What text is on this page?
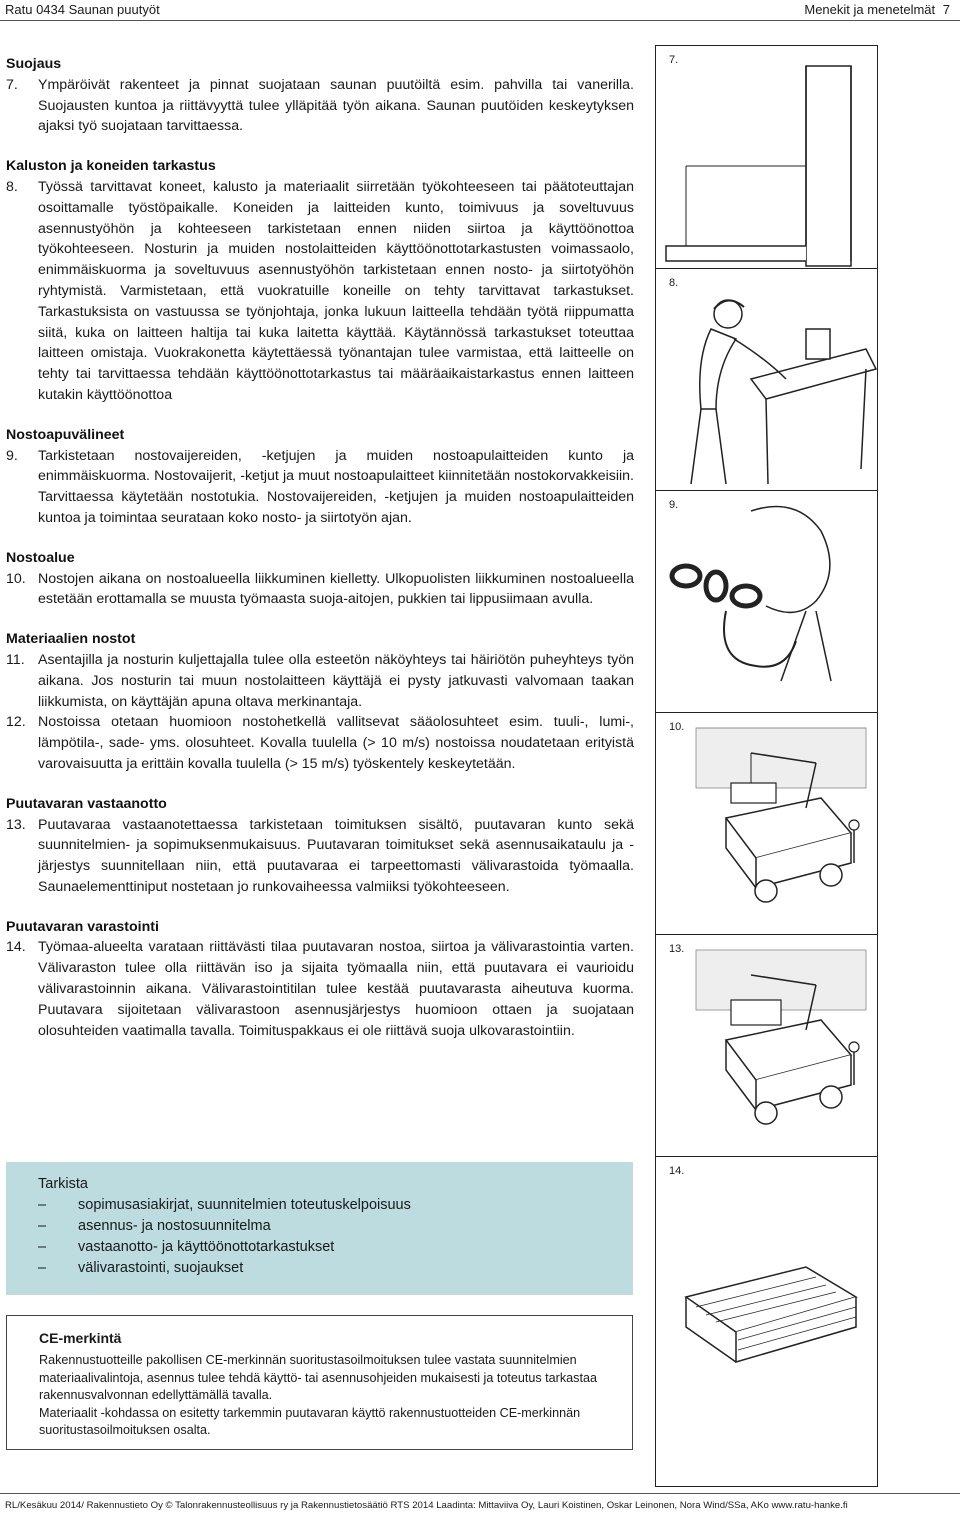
Ratu 0434 Saunan puutyöt	Menekit ja menetelmät 7
Suojaus
7.	Ympäröivät rakenteet ja pinnat suojataan saunan puutöiltä esim. pahvilla tai vanerilla. Suojausten kuntoa ja riittävyyttä tulee ylläpitää työn aikana. Saunan puutöiden keskeytyksen ajaksi työ suojataan tarvittaessa.
Kaluston ja koneiden tarkastus
8.	Työssä tarvittavat koneet, kalusto ja materiaalit siirretään työkohteeseen tai päätoteuttajan osoittamalle työstöpaikalle. Koneiden ja laitteiden kunto, toimivuus ja soveltuvuus asennustyöhön ja kohteeseen tarkistetaan ennen niiden siirtoa ja käyttöönottoa työkohteeseen. Nosturin ja muiden nostolaitteiden käyttöönottotarkastusten voimassaolo, enimmäiskuorma ja soveltuvuus asennustyöhön tarkistetaan ennen nosto- ja siirtotyöhön ryhtymistä. Varmistetaan, että vuokratuille koneille on tehty tarvittavat tarkastukset. Tarkastuksista on vastuussa se työnjohtaja, jonka lukuun laitteella tehdään työtä riippumatta siitä, kuka on laitteen haltija tai kuka laitetta käyttää. Käytännössä tarkastukset toteuttaa laitteen omistaja. Vuokrakonetta käytettäessä työnantajan tulee varmistaa, että laitteelle on tehty tai tarvittaessa tehdään käyttöönottotarkastus tai määräaikaistarkastus ennen laitteen kutakin käyttöönottoa
Nostoapuvälineet
9.	Tarkistetaan nostovaijereiden, -ketjujen ja muiden nostoapulaitteiden kunto ja enimmäiskuorma. Nostovaijerit, -ketjut ja muut nostoapulaitteet kiinnitetään nostokorvakkeisiin. Tarvittaessa käytetään nostotukia. Nostovaijereiden, -ketjujen ja muiden nostoapulaitteiden kuntoa ja toimintaa seurataan koko nosto- ja siirtotyön ajan.
Nostoalue
10. Nostojen aikana on nostoalueella liikkuminen kielletty. Ulkopuolisten liikkuminen nostoalueella estetään erottamalla se muusta työmaasta suoja-aitojen, pukkien tai lippusiimaan avulla.
Materiaalien nostot
11. Asentajilla ja nosturin kuljettajalla tulee olla esteetön näköyhteys tai häiriötön puheyhteys työn aikana. Jos nosturin tai muun nostolaitteen käyttäjä ei pysty jatkuvasti valvomaan taakan liikkumista, on käyttäjän apuna oltava merkinantaja.
12. Nostoissa otetaan huomioon nostohetkellä vallitsevat sääolosuhteet esim. tuuli-, lumi-, lämpötila-, sade- yms. olosuhteet. Kovalla tuulella (> 10 m/s) nostoissa noudatetaan erityistä varovaisuutta ja erittäin kovalla tuulella (> 15 m/s) työskentely keskeytetään.
Puutavaran vastaanotto
13. Puutavaraa vastaanotettaessa tarkistetaan toimituksen sisältö, puutavaran kunto sekä suunnitelmien- ja sopimuksenmukaisuus. Puutavaran toimitukset sekä asennusaikataulu ja -järjestys suunnitellaan niin, että puutavaraa ei tarpeettomasti välivarastoida työmaalla. Saunaelementtiniput nostetaan jo runkovaiheessa valmiiksi työkohteeseen.
Puutavaran varastointi
14. Työmaa-alueelta varataan riittävästi tilaa puutavaran nostoa, siirtoa ja välivarastointia varten. Välivaraston tulee olla riittävän iso ja sijaita työmaalla niin, että puutavara ei vaurioidu välivarastoinnin aikana. Välivarastointitilan tulee kestää puutavarasta aiheutuva kuorma. Puutavara sijoitetaan välivarastoon asennusjärjestys huomioon ottaen ja suojataan olosuhteiden vaatimalla tavalla. Toimituspakkaus ei ole riittävä suoja ulkovarastointiin.
Tarkista
–	sopimusasiakirjat, suunnitelmien toteutuskelpoisuus
–	asennus- ja nostosuunnitelma
–	vastaanotto- ja käyttöönottotarkastukset
–	välivarastointi, suojaukset
CE-merkintä

Rakennustuotteille pakollisen CE-merkinnän suoritustasoilmoituksen tulee vastata suunnitelmien materiaalivalintoja, asennus tulee tehdä käyttö- tai asennusohjeiden mukaisesti ja toteutus tarkastaa rakennusvalvonnan edellyttämällä tavalla.

Materiaalit -kohdassa on esitetty tarkemmin puutavaran käyttö rakennustuotteiden CE-merkinnän suoritustasoilmoituksen osalta.

7.
8.
9.
10.
13.
14.
RL/Kesäkuu 2014/ Rakennustieto Oy © Talonrakennusteollisuus ry ja Rakennustietosäätiö RTS 2014 Laadinta: Mittaviiva Oy, Lauri Koistinen, Oskar Leinonen, Nora Wind/SSa, AKo www.ratu-hanke.fi
